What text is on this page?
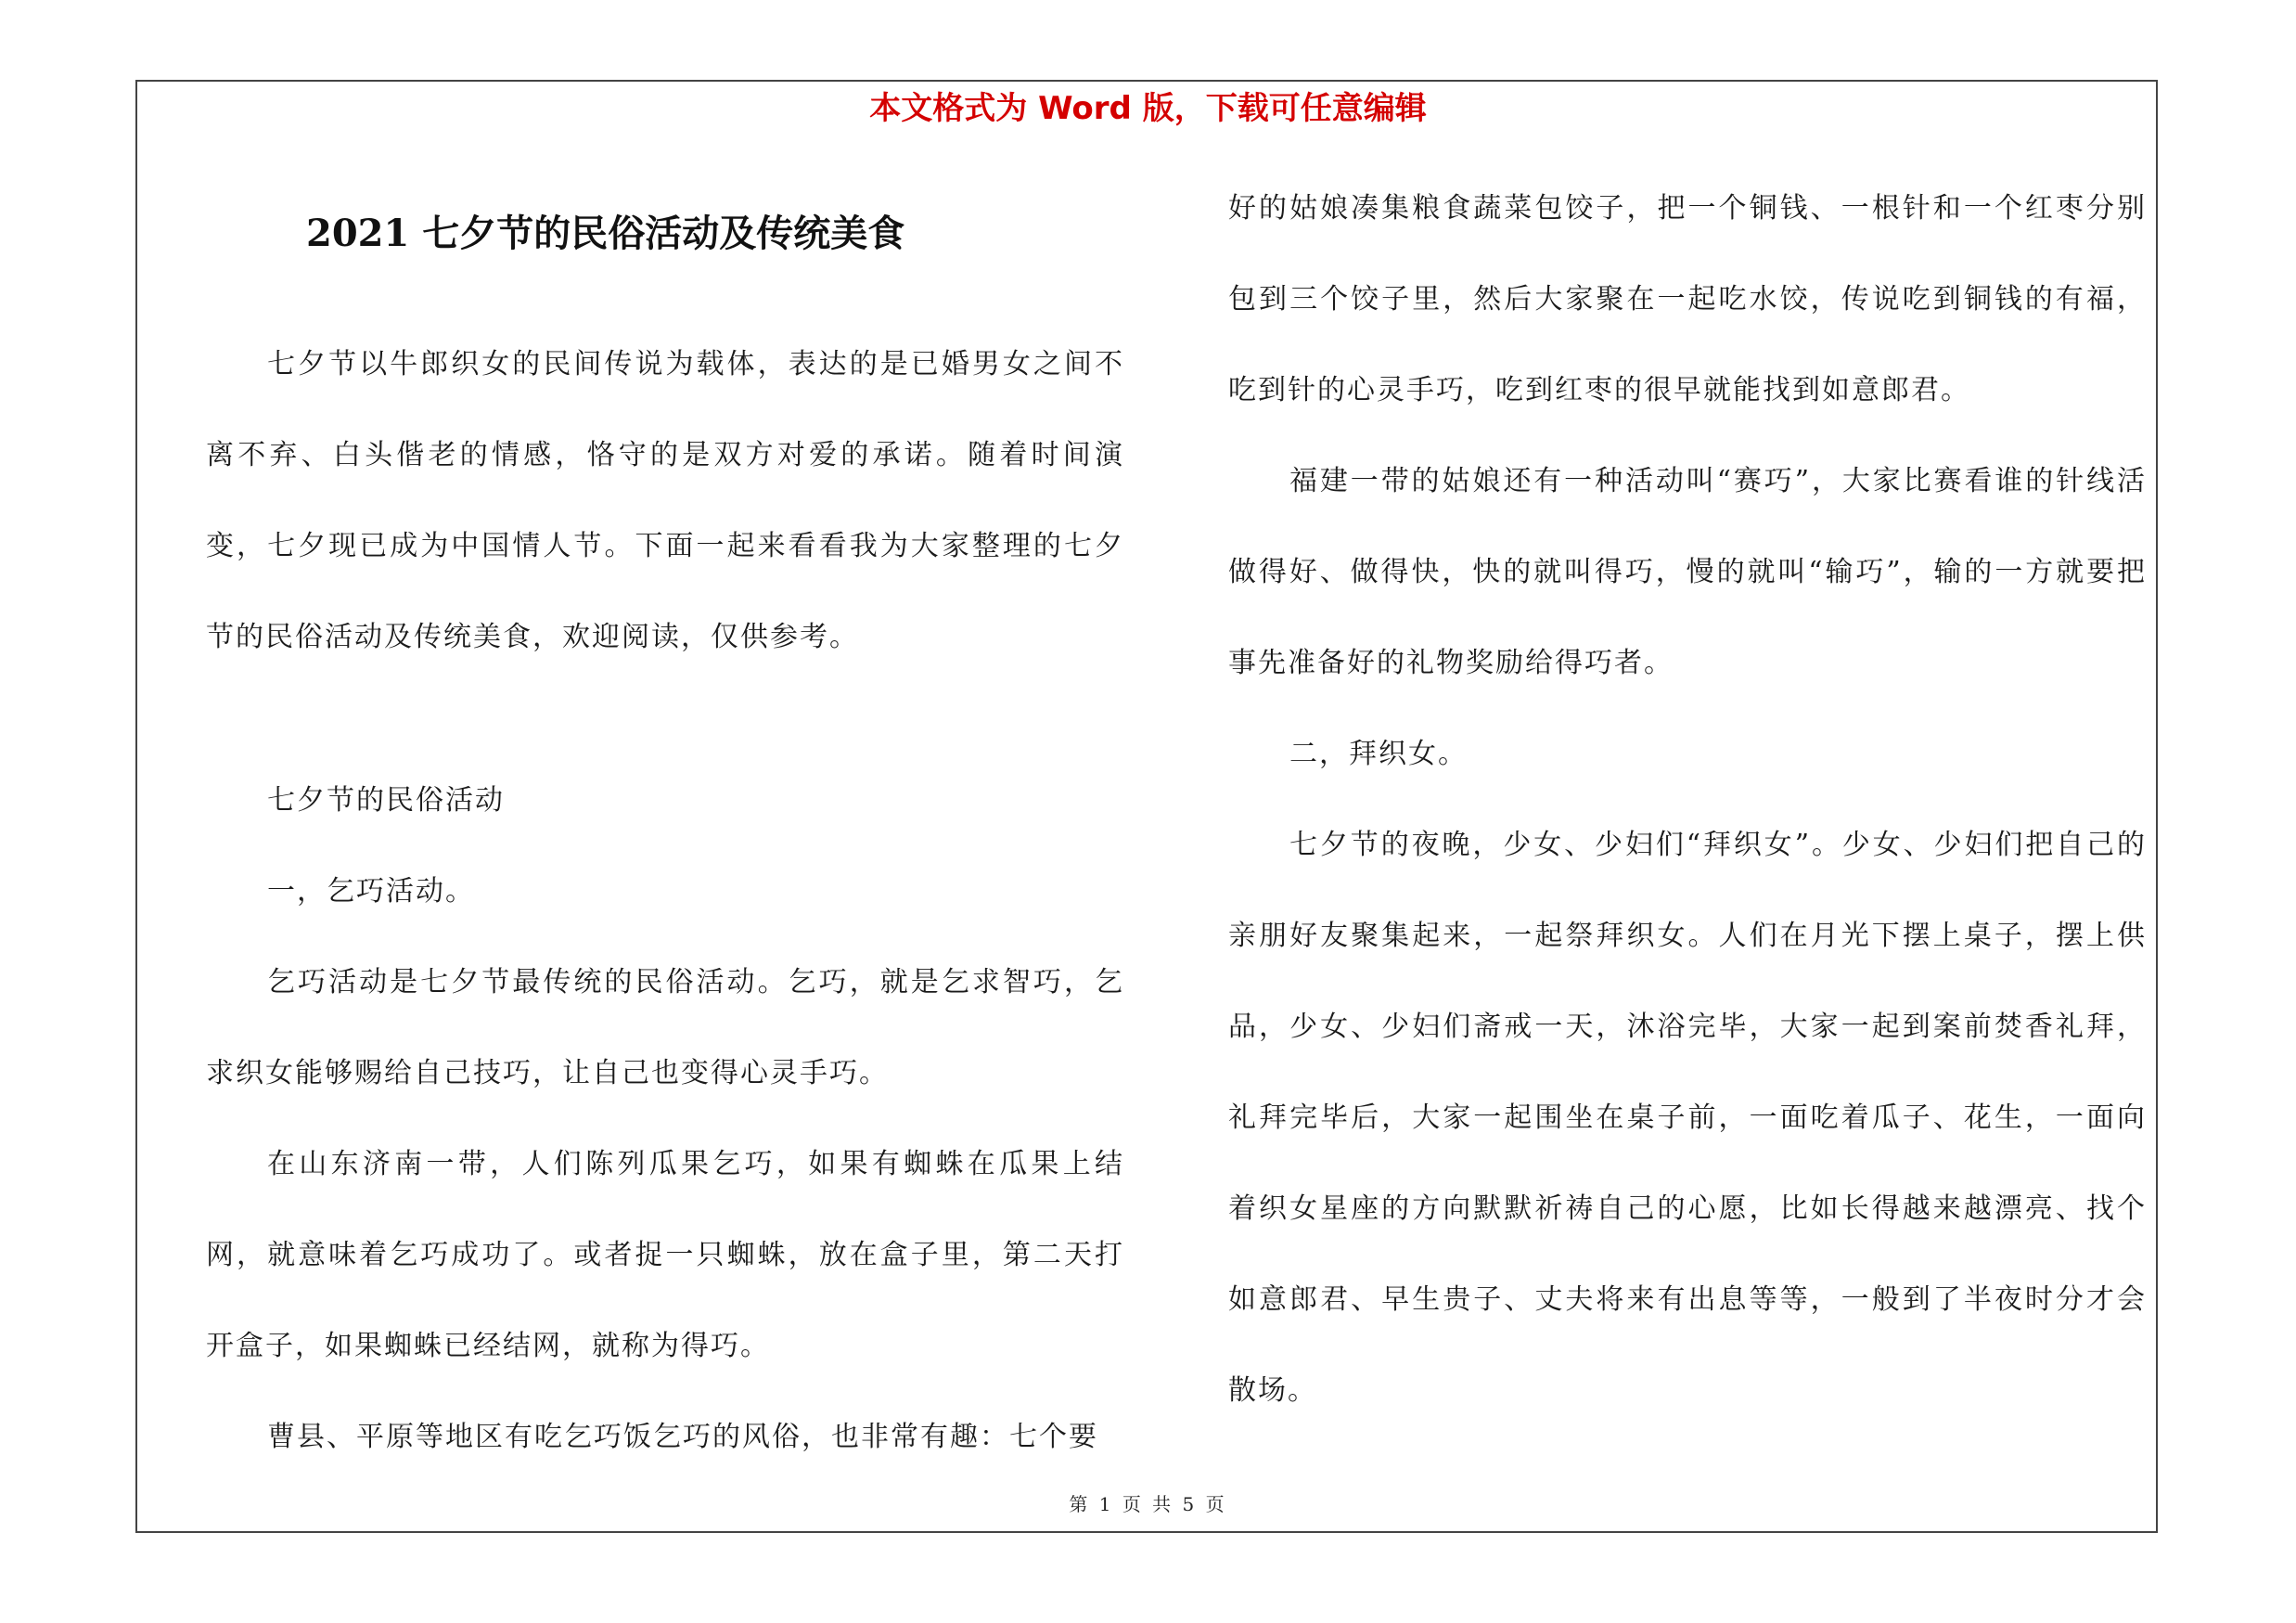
本文格式为 Word 版，下载可任意编辑
2021 七夕节的民俗活动及传统美食
七夕节以牛郎织女的民间传说为载体，表达的是已婚男女之间不离不弃、白头偕老的情感，恪守的是双方对爱的承诺。随着时间演变，七夕现已成为中国情人节。下面一起来看看我为大家整理的七夕节的民俗活动及传统美食，欢迎阅读，仅供参考。
七夕节的民俗活动
一，乞巧活动。
乞巧活动是七夕节最传统的民俗活动。乞巧，就是乞求智巧，乞求织女能够赐给自己技巧，让自己也变得心灵手巧。
在山东济南一带，人们陈列瓜果乞巧，如果有蜘蛛在瓜果上结网，就意味着乞巧成功了。或者捉一只蜘蛛，放在盒子里，第二天打开盒子，如果蜘蛛已经结网，就称为得巧。
曹县、平原等地区有吃乞巧饭乞巧的风俗，也非常有趣：七个要
好的姑娘凑集粮食蔬菜包饺子，把一个铜钱、一根针和一个红枣分别包到三个饺子里，然后大家聚在一起吃水饺，传说吃到铜钱的有福，吃到针的心灵手巧，吃到红枣的很早就能找到如意郎君。
福建一带的姑娘还有一种活动叫“赛巧”，大家比赛看谁的针线活做得好、做得快，快的就叫得巧，慢的就叫“输巧”，输的一方就要把事先准备好的礼物奖励给得巧者。
二，拜织女。
七夕节的夜晚，少女、少妇们“拜织女”。少女、少妇们把自己的亲朋好友聚集起来，一起祭拜织女。人们在月光下摆上桌子，摆上供品，少女、少妇们斋戒一天，沐浴完毕，大家一起到案前焚香礼拜，礼拜完毕后，大家一起围坐在桌子前，一面吃着瓜子、花生，一面向着织女星座的方向默默祈祷自己的心愿，比如长得越来越漂亮、找个如意郎君、早生贵子、丈夫将来有出息等等，一般到了半夜时分才会散场。
第 1 页 共 5 页
